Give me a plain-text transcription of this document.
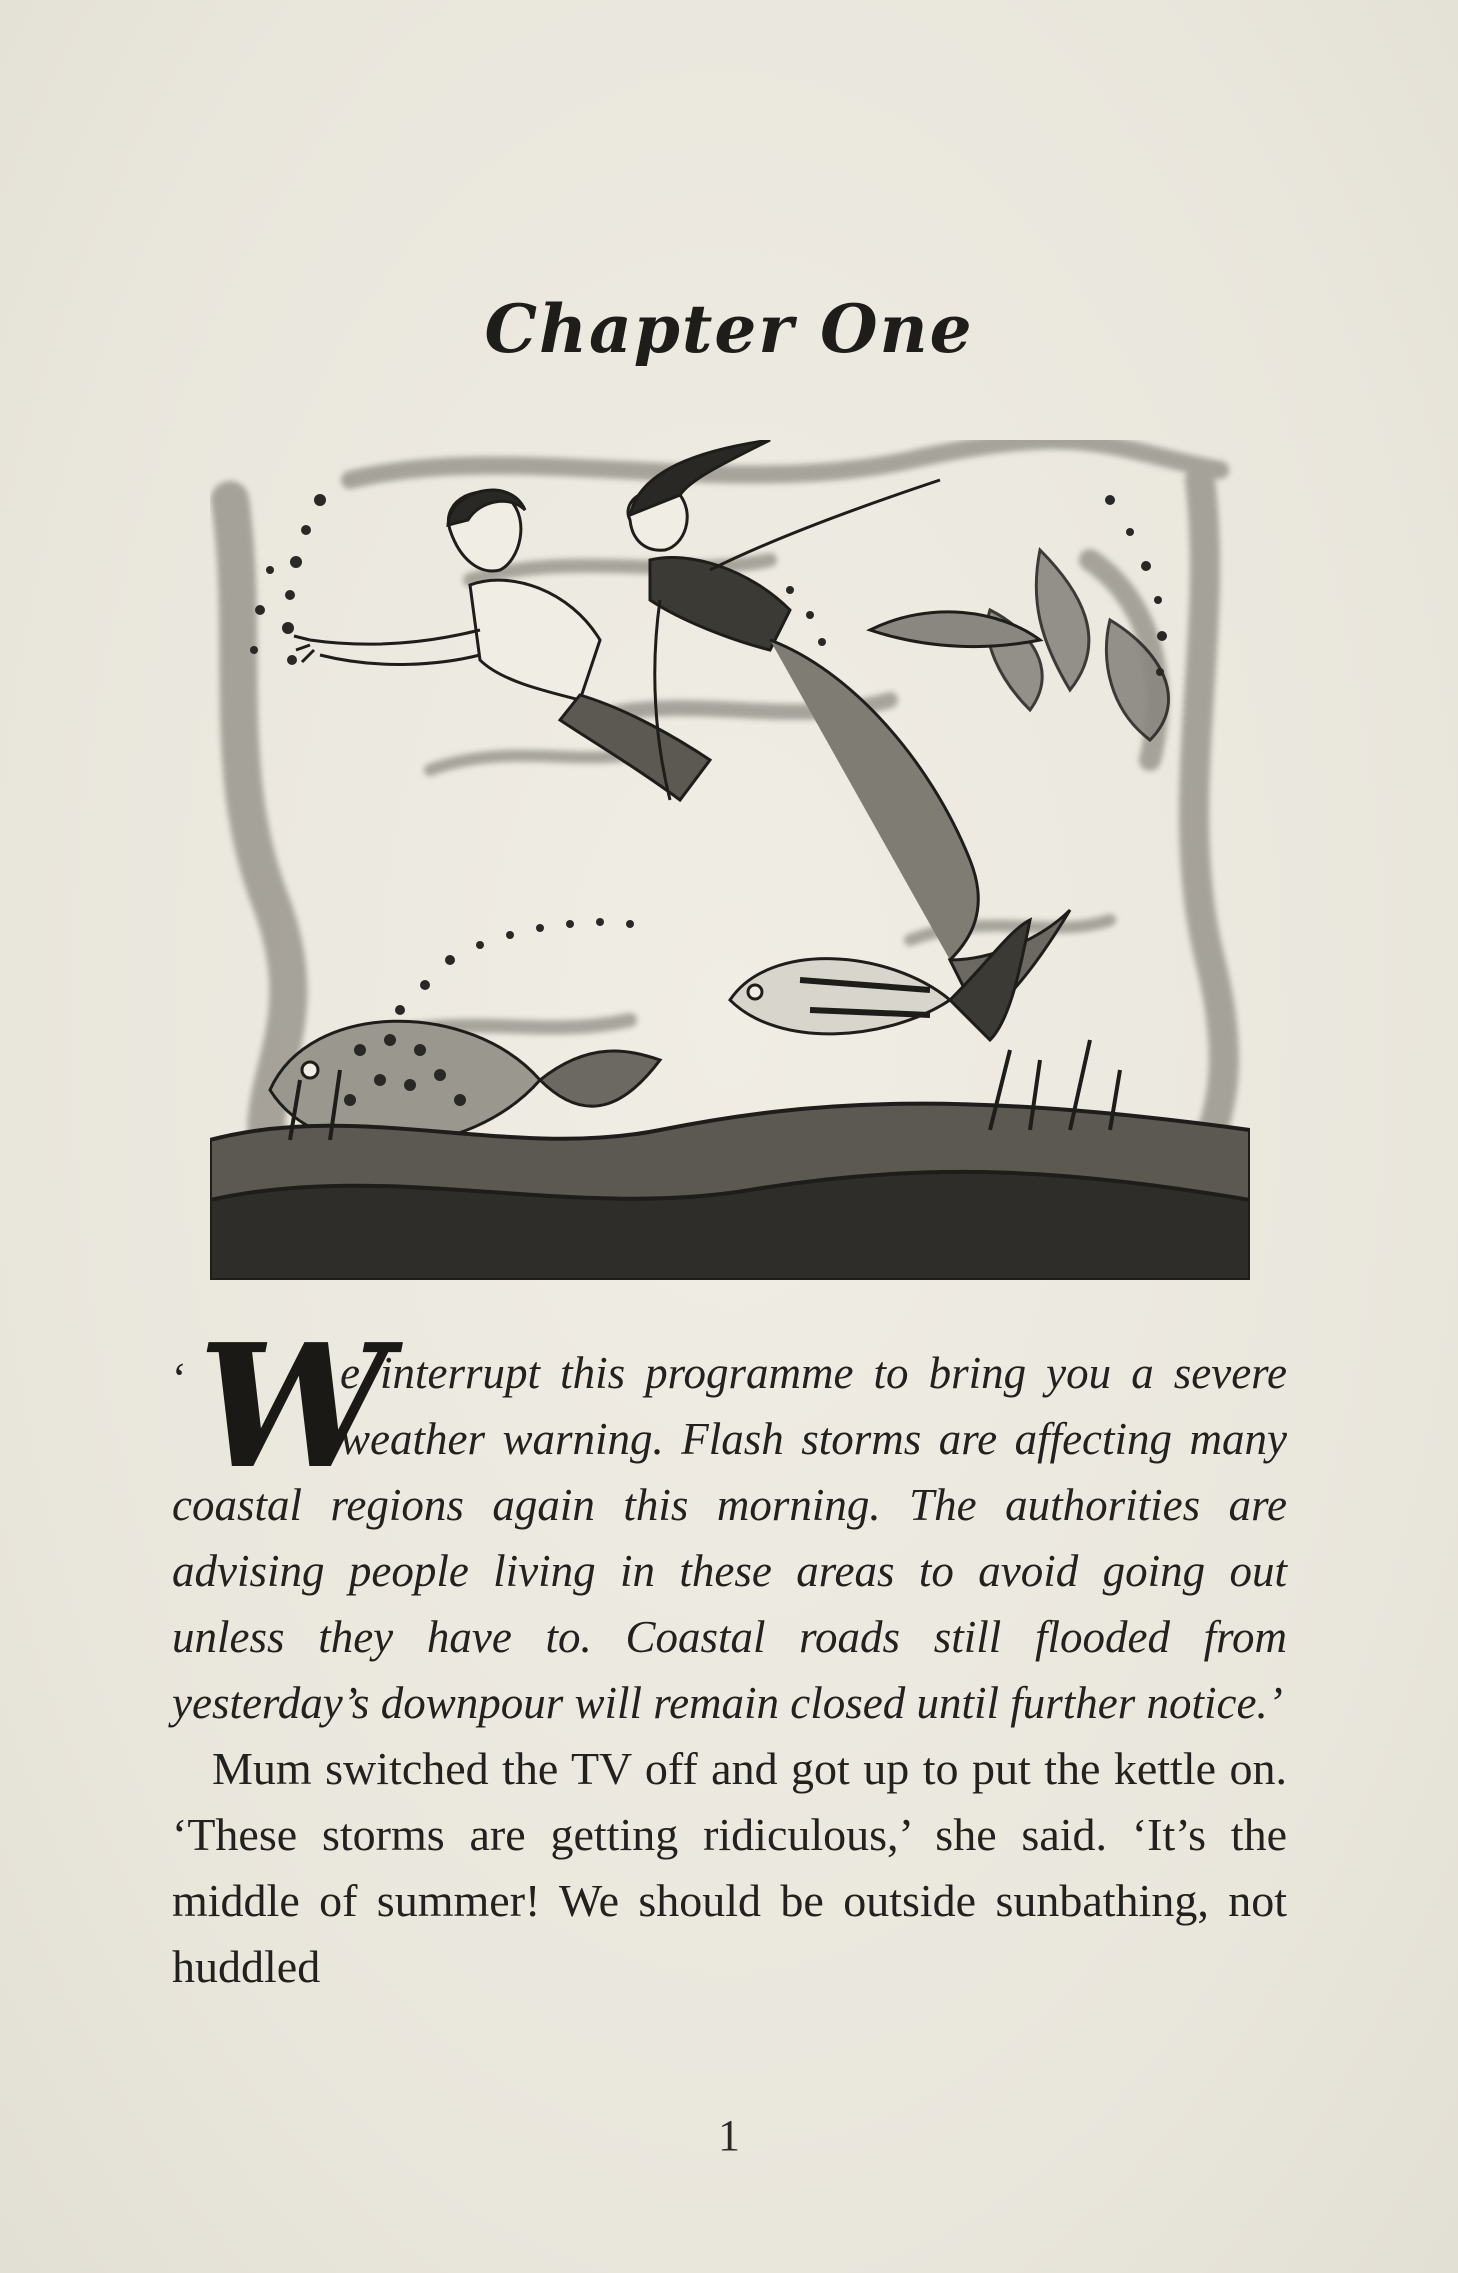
Chapter One

‘ W
e interrupt this programme to bring you a severe weather warning. Flash storms are affecting many coastal regions again this morning. The authorities are advising people living in these areas to avoid going out unless they have to. Coastal roads still flooded from yesterday’s downpour will remain closed until further notice.’

Mum switched the TV off and got up to put the kettle on. ‘These storms are getting ridiculous,’ she said. ‘It’s the middle of summer! We should be outside sunbathing, not huddled

1
